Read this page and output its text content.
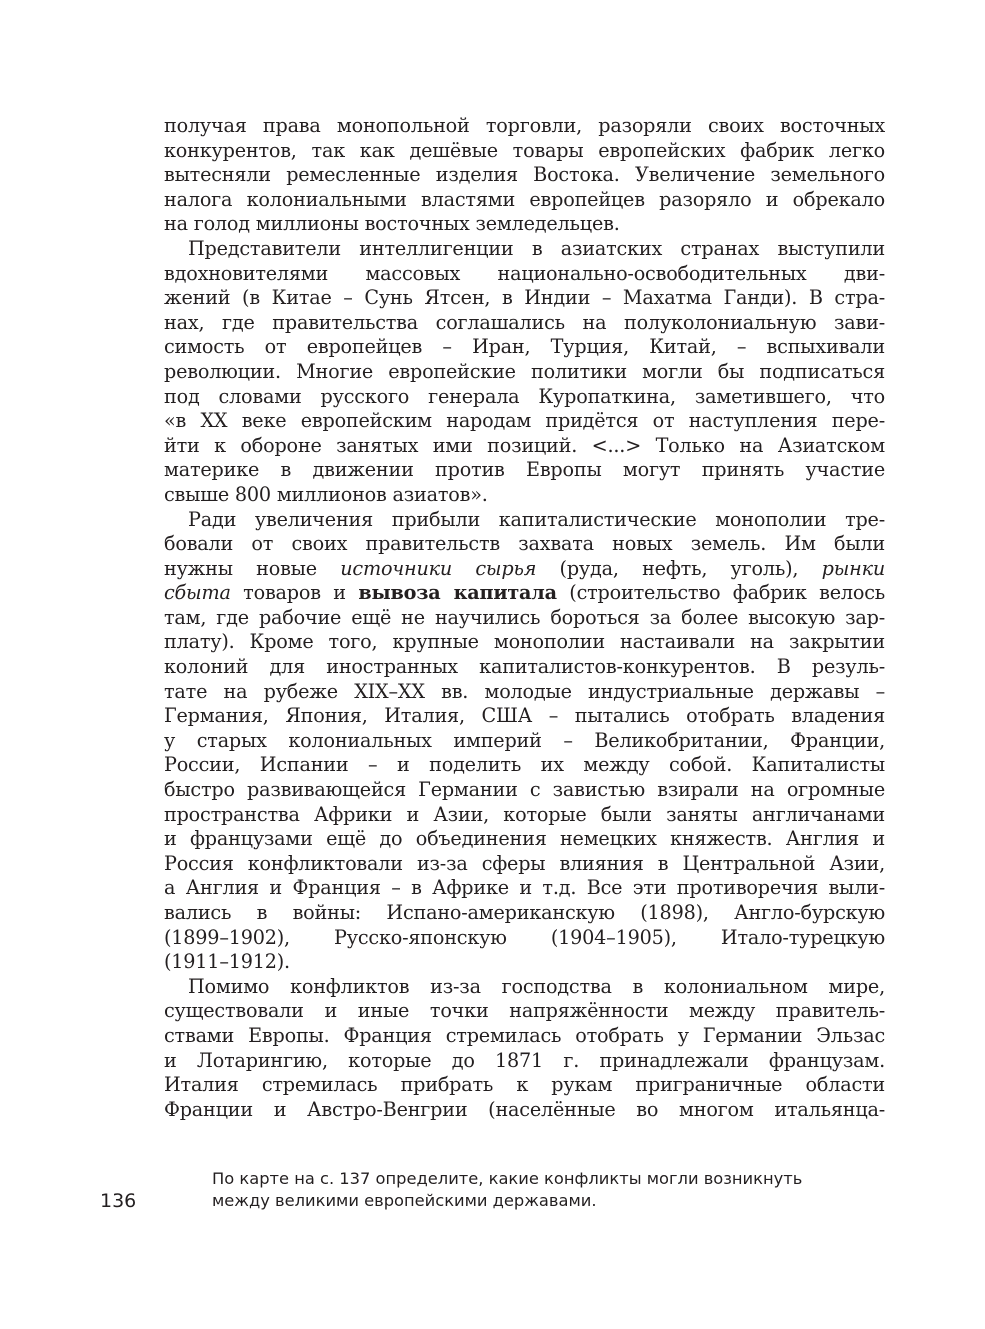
получая права монопольной торговли, разоряли своих восточных
конкурентов, так как дешёвые товары европейских фабрик легко
вытесняли ремесленные изделия Востока. Увеличение земельного
налога колониальными властями европейцев разоряло и обрекало
на голод миллионы восточных земледельцев.
Представители интеллигенции в азиатских странах выступили
вдохновителями массовых национально-освободительных дви-
жений (в Китае – Сунь Ятсен, в Индии – Махатма Ганди). В стра-
нах, где правительства соглашались на полуколониальную зави-
симость от европейцев – Иран, Турция, Китай, – вспыхивали
революции. Многие европейские политики могли бы подписаться
под словами русского генерала Куропаткина, заметившего, что
«в ХХ веке европейским народам придётся от наступления пере-
йти к обороне занятых ими позиций. <...> Только на Азиатском
материке в движении против Европы могут принять участие
свыше 800 миллионов азиатов».
Ради увеличения прибыли капиталистические монополии тре-
бовали от своих правительств захвата новых земель. Им были
нужны новые источники сырья (руда, нефть, уголь), рынки
сбыта товаров и вывоза капитала (строительство фабрик велось
там, где рабочие ещё не научились бороться за более высокую зар-
плату). Кроме того, крупные монополии настаивали на закрытии
колоний для иностранных капиталистов-конкурентов. В резуль-
тате на рубеже XIX–XX вв. молодые индустриальные державы –
Германия, Япония, Италия, США – пытались отобрать владения
у старых колониальных империй – Великобритании, Франции,
России, Испании – и поделить их между собой. Капиталисты
быстро развивающейся Германии с завистью взирали на огромные
пространства Африки и Азии, которые были заняты англичанами
и французами ещё до объединения немецких княжеств. Англия и
Россия конфликтовали из-за сферы влияния в Центральной Азии,
а Англия и Франция – в Африке и т.д. Все эти противоречия выли-
вались в войны: Испано-американскую (1898), Англо-бурскую
(1899–1902), Русско-японскую (1904–1905), Итало-турецкую
(1911–1912).
Помимо конфликтов из-за господства в колониальном мире,
существовали и иные точки напряжённости между правитель-
ствами Европы. Франция стремилась отобрать у Германии Эльзас
и Лотарингию, которые до 1871 г. принадлежали французам.
Италия стремилась прибрать к рукам приграничные области
Франции и Австро-Венгрии (населённые во многом итальянца-
136
По карте на с. 137 определите, какие конфликты могли возникнуть
между великими европейскими державами.
